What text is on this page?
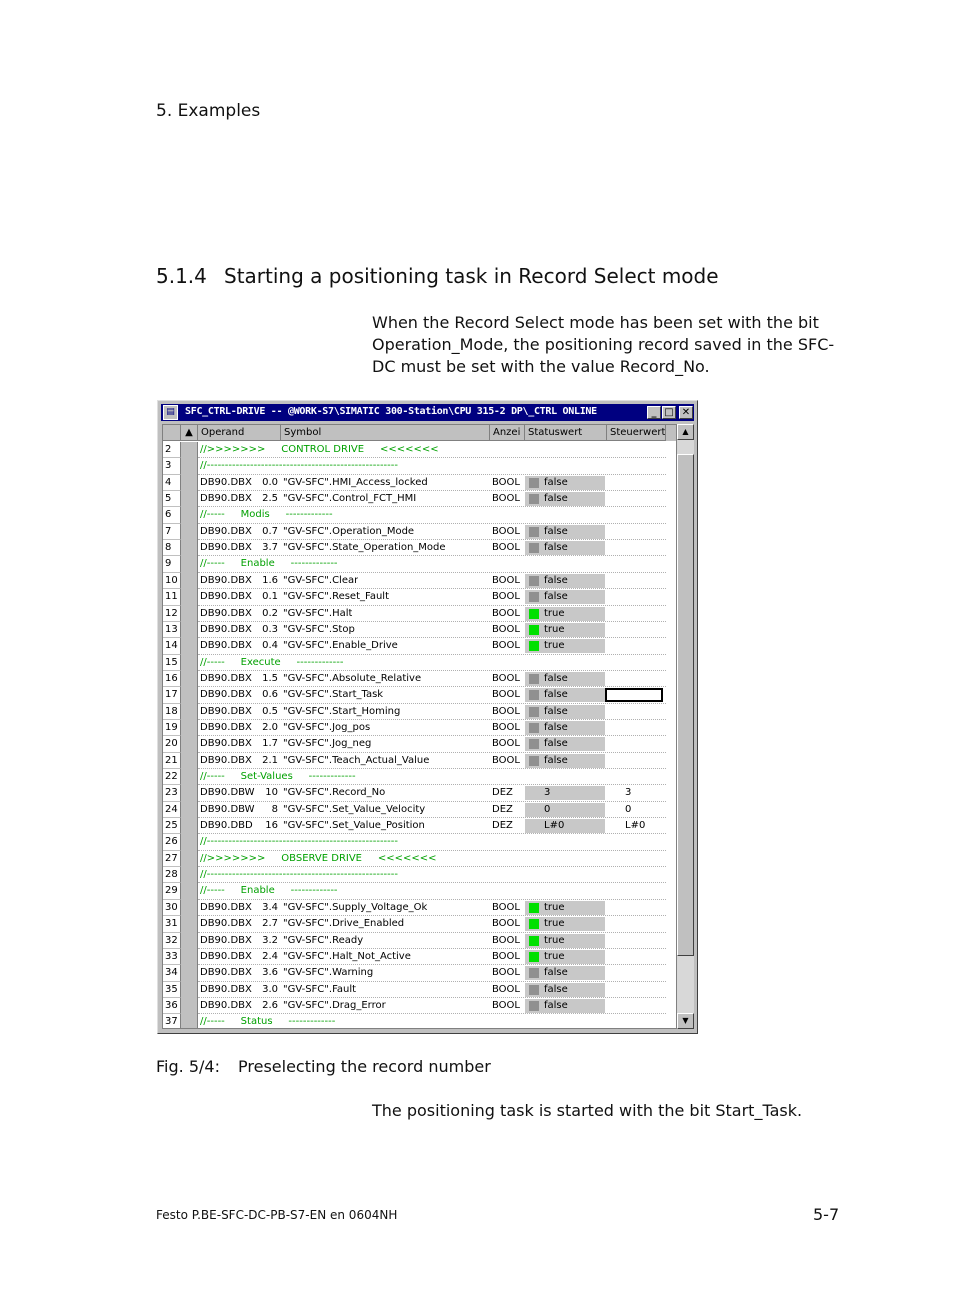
5. Examples
5.1.4 Starting a positioning task in Record Select mode
When the Record Select mode has been set with the bit Operation_Mode, the positioning record saved in the SFC-DC must be set with the value Record_No.
▤	SFC_CTRL-DRIVE -- @WORK-S7\SIMATIC 300-Station\CPU 315-2 DP\_CTRL ONLINE	_ □ ✕
▲ Operand	Symbol	Anzei Statuswert	Steuerwert
2	//>>>>>>>     CONTROL DRIVE     <<<<<<<
3	//-----------------------------------------------------
4	DB90.DBX	0.0 "GV-SFC".HMI_Access_locked	BOOL false
5	DB90.DBX	2.5 "GV-SFC".Control_FCT_HMI	BOOL false
6	//-----     Modis     -------------
7	DB90.DBX	0.7 "GV-SFC".Operation_Mode	BOOL false
8	DB90.DBX	3.7 "GV-SFC".State_Operation_Mode	BOOL false
9	//-----     Enable     -------------
10	DB90.DBX	1.6 "GV-SFC".Clear	BOOL false
11	DB90.DBX	0.1 "GV-SFC".Reset_Fault	BOOL false
12	DB90.DBX	0.2 "GV-SFC".Halt	BOOL true
13	DB90.DBX	0.3 "GV-SFC".Stop	BOOL true
14	DB90.DBX	0.4 "GV-SFC".Enable_Drive	BOOL true
15	//-----     Execute     -------------
16	DB90.DBX	1.5 "GV-SFC".Absolute_Relative	BOOL false
17	DB90.DBX	0.6 "GV-SFC".Start_Task	BOOL false
18	DB90.DBX	0.5 "GV-SFC".Start_Homing	BOOL false
19	DB90.DBX	2.0 "GV-SFC".Jog_pos	BOOL false
20	DB90.DBX	1.7 "GV-SFC".Jog_neg	BOOL false
21	DB90.DBX	2.1 "GV-SFC".Teach_Actual_Value	BOOL false
22	//-----     Set-Values     -------------
23	DB90.DBW	10 "GV-SFC".Record_No	DEZ	3	3
24	DB90.DBW	8 "GV-SFC".Set_Value_Velocity	DEZ	0	0
25	DB90.DBD	16 "GV-SFC".Set_Value_Position	DEZ	L#0	L#0
26	//-----------------------------------------------------
27	//>>>>>>>     OBSERVE DRIVE     <<<<<<<
28	//-----------------------------------------------------
29	//-----     Enable     -------------
30	DB90.DBX	3.4 "GV-SFC".Supply_Voltage_Ok	BOOL true
31	DB90.DBX	2.7 "GV-SFC".Drive_Enabled	BOOL true
32	DB90.DBX	3.2 "GV-SFC".Ready	BOOL true
33	DB90.DBX	2.4 "GV-SFC".Halt_Not_Active	BOOL true
34	DB90.DBX	3.6 "GV-SFC".Warning	BOOL false
35	DB90.DBX	3.0 "GV-SFC".Fault	BOOL false
36	DB90.DBX	2.6 "GV-SFC".Drag_Error	BOOL false
37	//-----     Status     -------------
▲
▼
Fig. 5/4: Preselecting the record number
The positioning task is started with the bit Start_Task.
Festo P.BE-SFC-DC-PB-S7-EN en 0604NH	5-7
